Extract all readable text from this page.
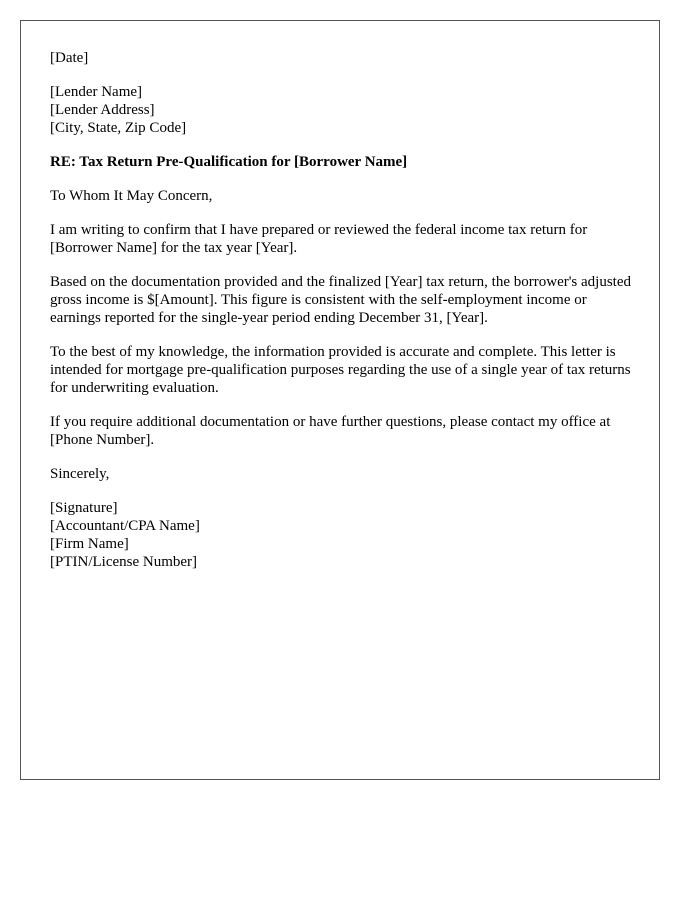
[Date]

[Lender Name]
[Lender Address]
[City, State, Zip Code]

RE: Tax Return Pre-Qualification for [Borrower Name]

To Whom It May Concern,

I am writing to confirm that I have prepared or reviewed the federal income tax return for [Borrower Name] for the tax year [Year].

Based on the documentation provided and the finalized [Year] tax return, the borrower's adjusted gross income is $[Amount]. This figure is consistent with the self-employment income or earnings reported for the single-year period ending December 31, [Year].

To the best of my knowledge, the information provided is accurate and complete. This letter is intended for mortgage pre-qualification purposes regarding the use of a single year of tax returns for underwriting evaluation.

If you require additional documentation or have further questions, please contact my office at [Phone Number].

Sincerely,

[Signature]
[Accountant/CPA Name]
[Firm Name]
[PTIN/License Number]
